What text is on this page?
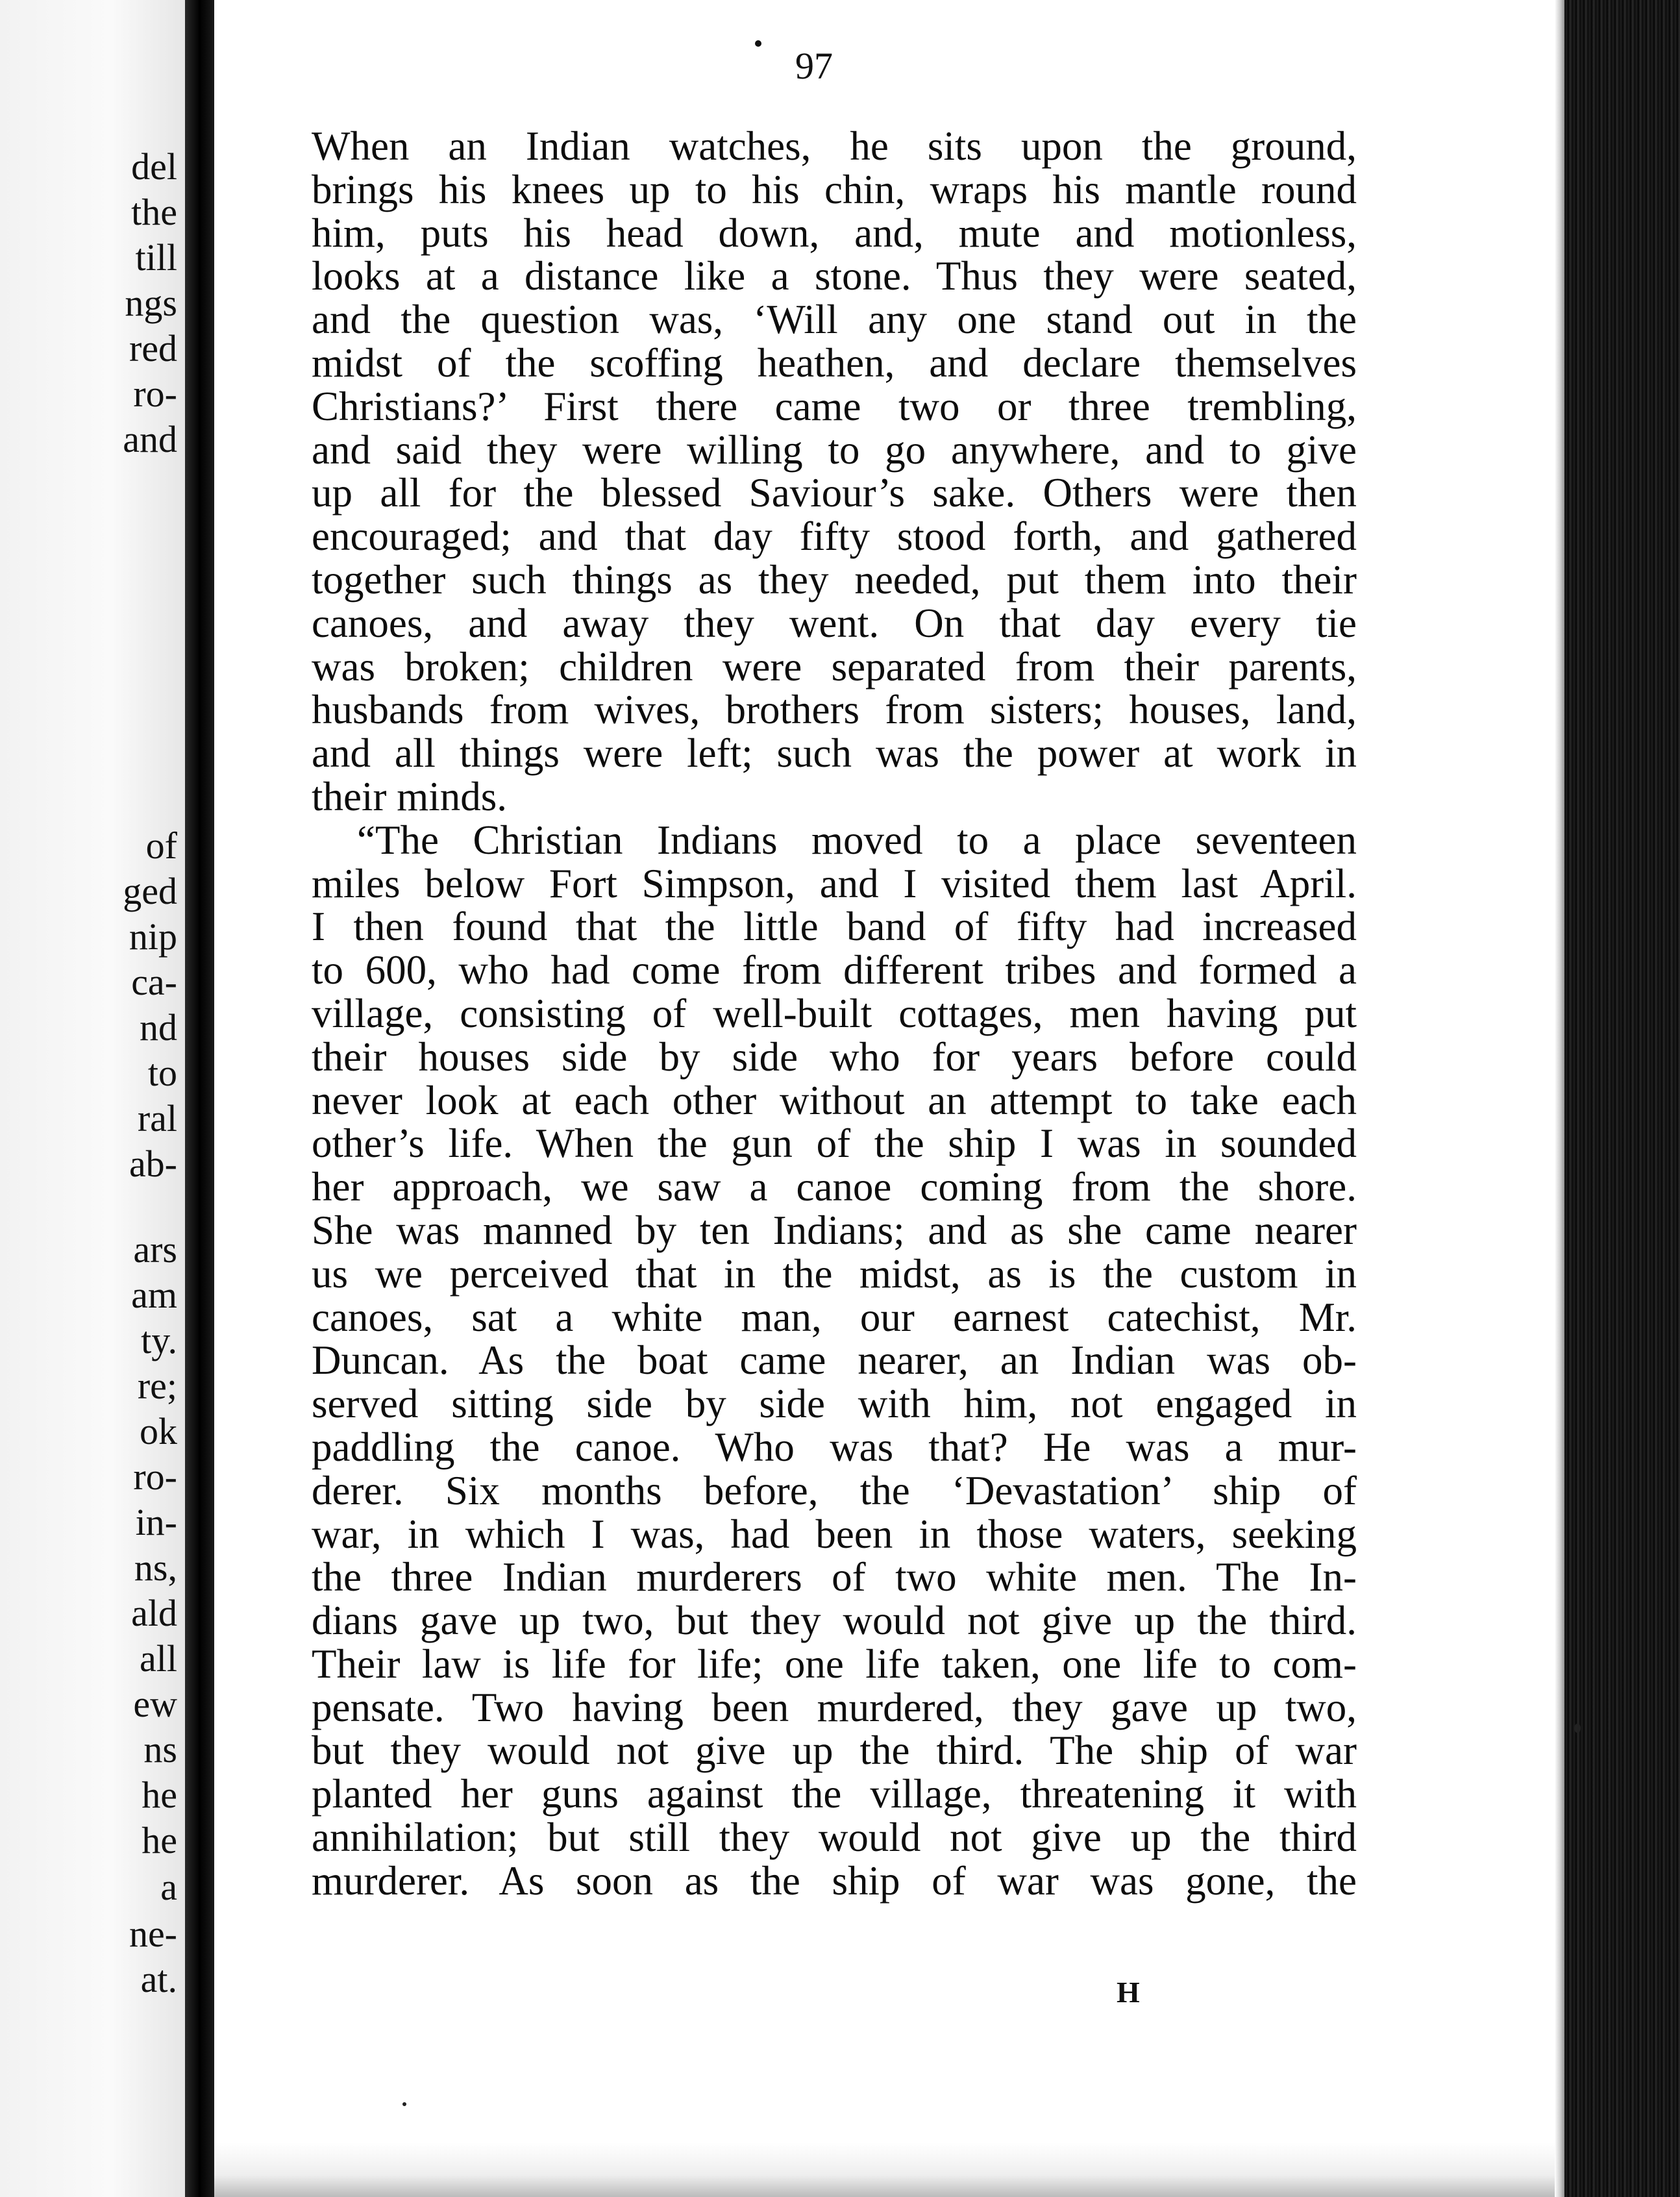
del
the
till
ngs
red
ro-
and
of
ged
nip
ca-
nd
to
ral
ab-
ars
am
ty.
re;
ok
ro-
in-
ns,
ald
all
ew
ns
he
he
a
ne-
at.
97
When an Indian watches, he sits upon the ground,
brings his knees up to his chin, wraps his mantle round
him, puts his head down, and, mute and motionless,
looks at a distance like a stone. Thus they were seated,
and the question was, ‘Will any one stand out in the
midst of the scoffing heathen, and declare themselves
Christians?’ First there came two or three trembling,
and said they were willing to go anywhere, and to give
up all for the blessed Saviour’s sake. Others were then
encouraged; and that day fifty stood forth, and gathered
together such things as they needed, put them into their
canoes, and away they went. On that day every tie
was broken; children were separated from their parents,
husbands from wives, brothers from sisters; houses, land,
and all things were left; such was the power at work in
their minds.
“The Christian Indians moved to a place seventeen
miles below Fort Simpson, and I visited them last April.
I then found that the little band of fifty had increased
to 600, who had come from different tribes and formed a
village, consisting of well-built cottages, men having put
their houses side by side who for years before could
never look at each other without an attempt to take each
other’s life. When the gun of the ship I was in sounded
her approach, we saw a canoe coming from the shore.
She was manned by ten Indians; and as she came nearer
us we perceived that in the midst, as is the custom in
canoes, sat a white man, our earnest catechist, Mr.
Duncan. As the boat came nearer, an Indian was ob-
served sitting side by side with him, not engaged in
paddling the canoe. Who was that? He was a mur-
derer. Six months before, the ‘Devastation’ ship of
war, in which I was, had been in those waters, seeking
the three Indian murderers of two white men. The In-
dians gave up two, but they would not give up the third.
Their law is life for life; one life taken, one life to com-
pensate. Two having been murdered, they gave up two,
but they would not give up the third. The ship of war
planted her guns against the village, threatening it with
annihilation; but still they would not give up the third
murderer. As soon as the ship of war was gone, the
H
